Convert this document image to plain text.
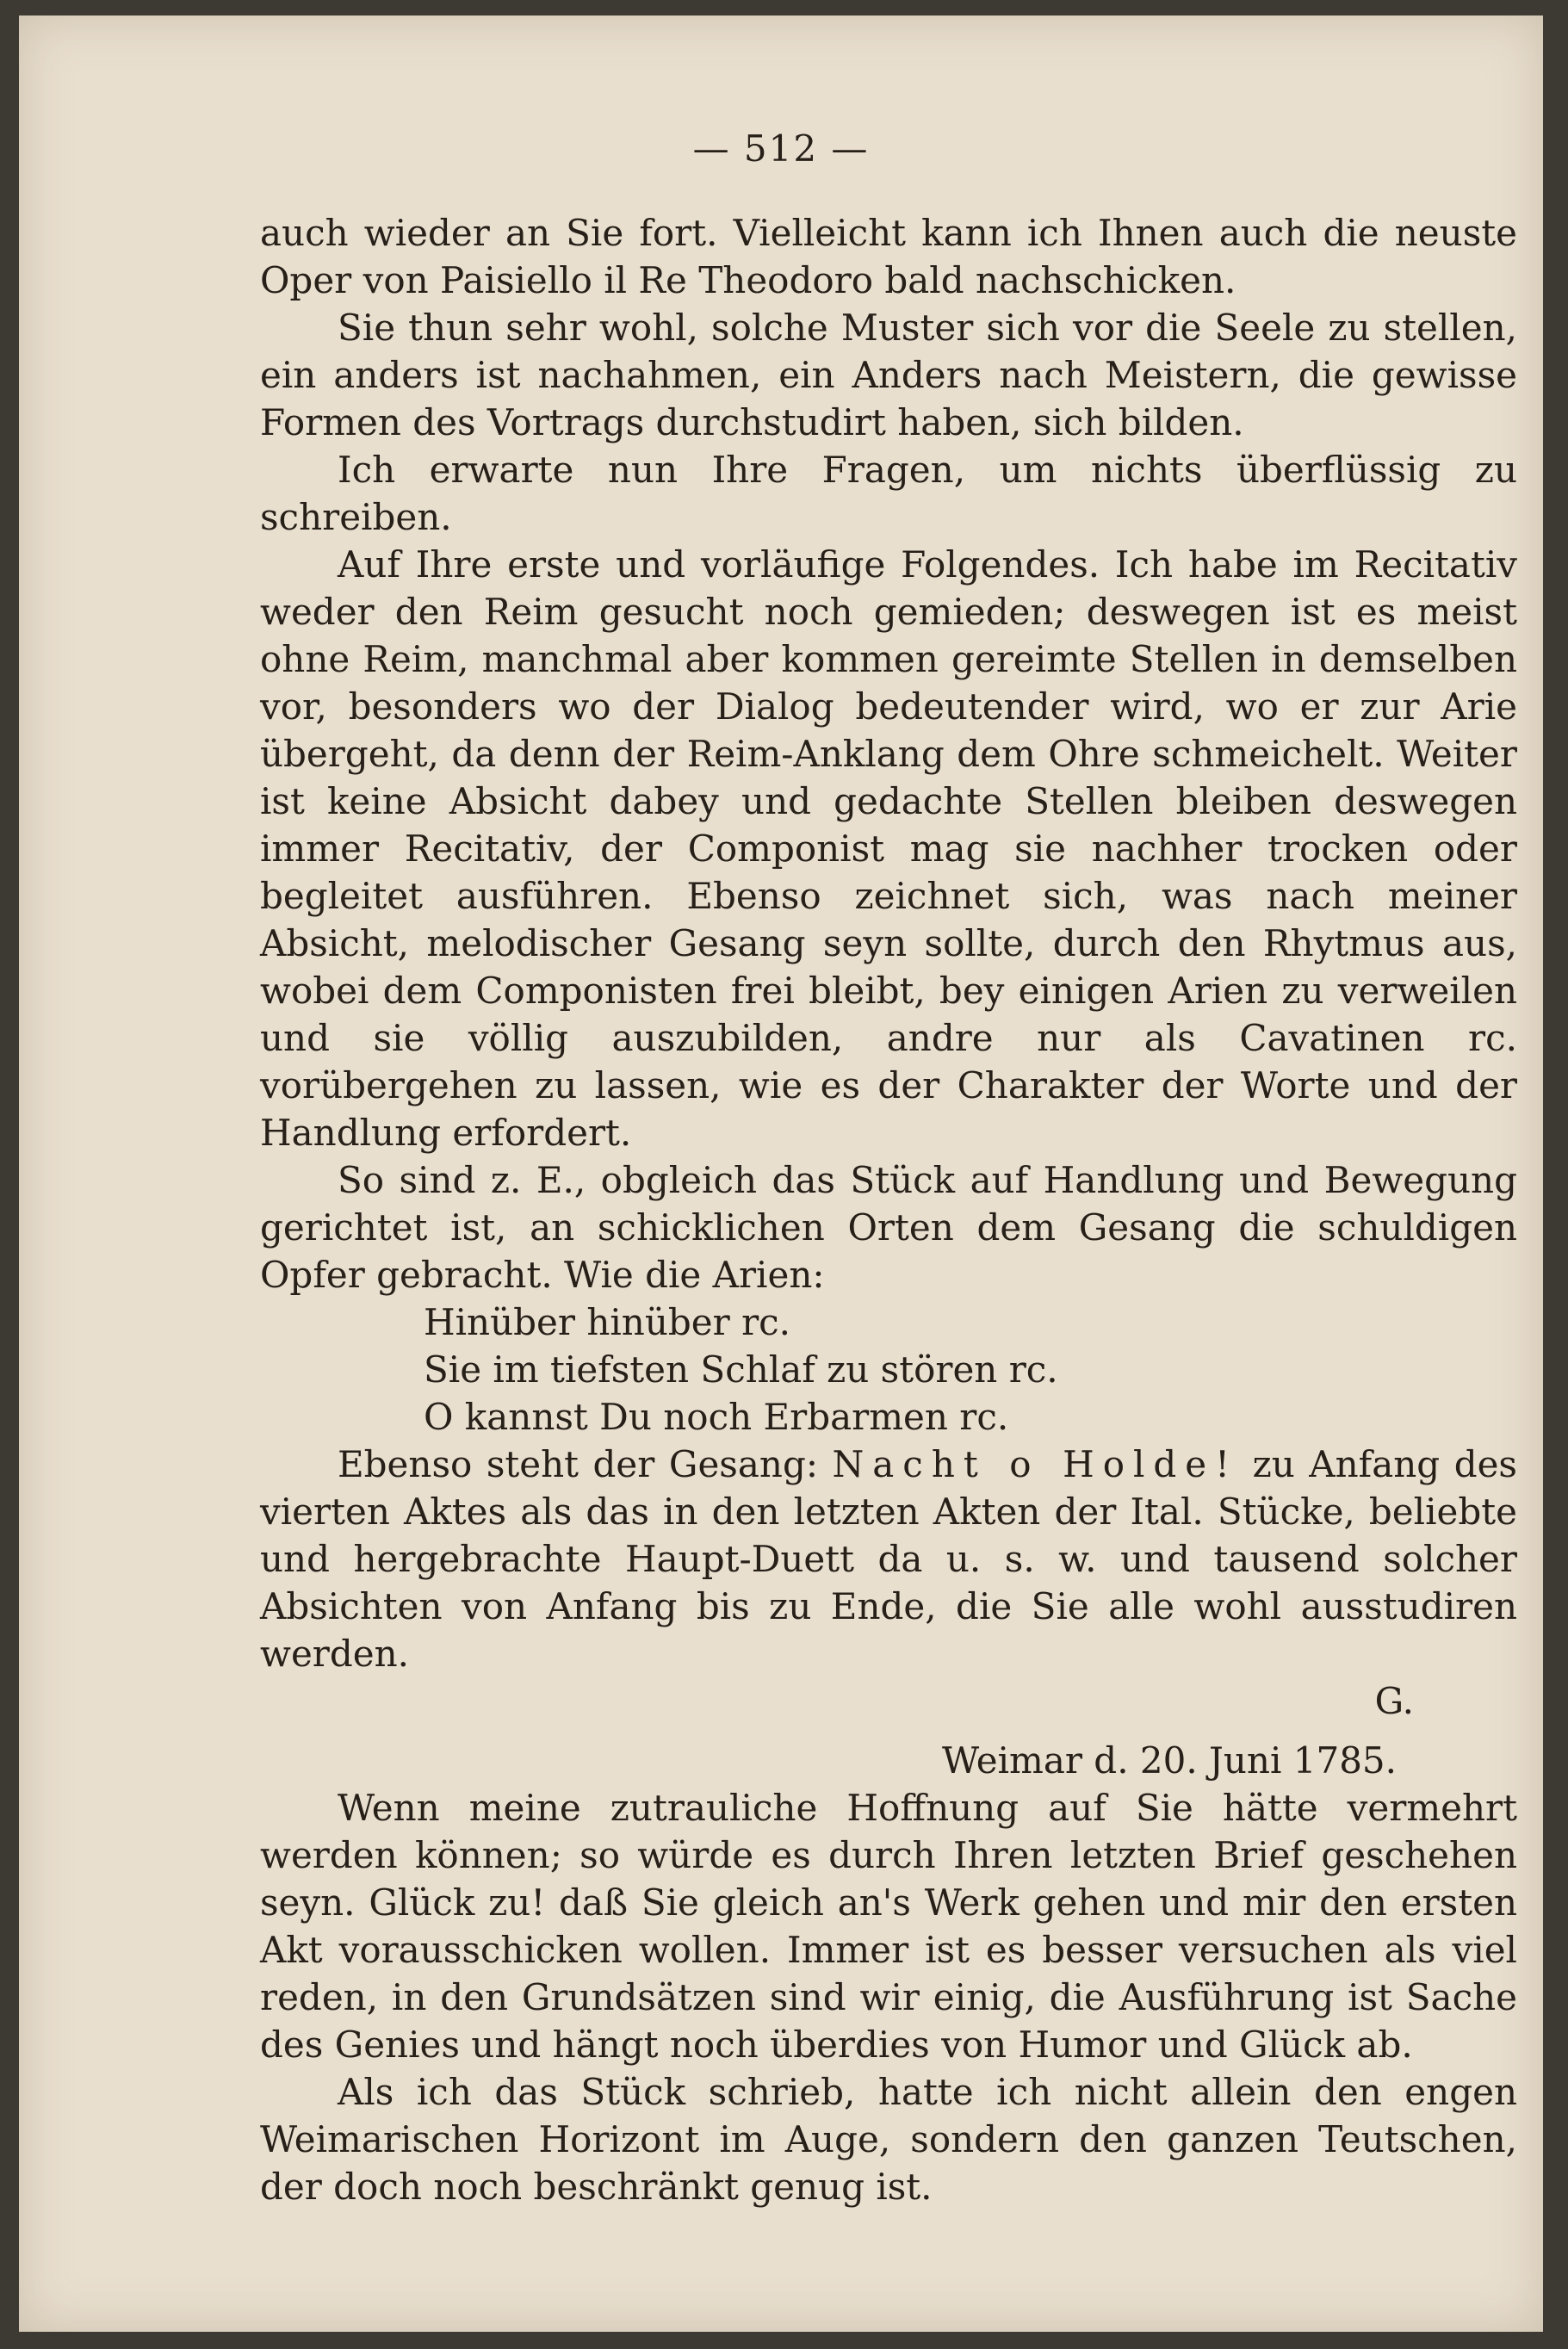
— 512 —

auch wieder an Sie fort. Vielleicht kann ich Ihnen auch die neuste Oper von Paisiello il Re Theodoro bald nachschicken.

Sie thun sehr wohl, solche Muster sich vor die Seele zu stellen, ein anders ist nachahmen, ein Anders nach Meistern, die gewisse Formen des Vortrags durchstudirt haben, sich bilden.

Ich erwarte nun Ihre Fragen, um nichts überflüssig zu schreiben.

Auf Ihre erste und vorläufige Folgendes. Ich habe im Recitativ weder den Reim gesucht noch gemieden; deswegen ist es meist ohne Reim, manchmal aber kommen gereimte Stellen in demselben vor, besonders wo der Dialog bedeutender wird, wo er zur Arie übergeht, da denn der Reim-Anklang dem Ohre schmeichelt. Weiter ist keine Absicht dabey und gedachte Stellen bleiben deswegen immer Recitativ, der Componist mag sie nachher trocken oder begleitet ausführen. Ebenso zeichnet sich, was nach meiner Absicht, melodischer Gesang seyn sollte, durch den Rhytmus aus, wobei dem Componisten frei bleibt, bey einigen Arien zu verweilen und sie völlig auszubilden, andre nur als Cavatinen rc. vorübergehen zu lassen, wie es der Charakter der Worte und der Handlung erfordert.

So sind z. E., obgleich das Stück auf Handlung und Bewegung gerichtet ist, an schicklichen Orten dem Gesang die schuldigen Opfer gebracht. Wie die Arien:

Hinüber hinüber rc.

Sie im tiefsten Schlaf zu stören rc.

O kannst Du noch Erbarmen rc.

Ebenso steht der Gesang: Nacht o Holde! zu Anfang des vierten Aktes als das in den letzten Akten der Ital. Stücke, beliebte und hergebrachte Haupt-Duett da u. s. w. und tausend solcher Absichten von Anfang bis zu Ende, die Sie alle wohl ausstudiren werden.

G.

Weimar d. 20. Juni 1785.

Wenn meine zutrauliche Hoffnung auf Sie hätte vermehrt werden können; so würde es durch Ihren letzten Brief geschehen seyn. Glück zu! daß Sie gleich an's Werk gehen und mir den ersten Akt vorausschicken wollen. Immer ist es besser versuchen als viel reden, in den Grundsätzen sind wir einig, die Ausführung ist Sache des Genies und hängt noch überdies von Humor und Glück ab.

Als ich das Stück schrieb, hatte ich nicht allein den engen Weimarischen Horizont im Auge, sondern den ganzen Teutschen, der doch noch beschränkt genug ist.
